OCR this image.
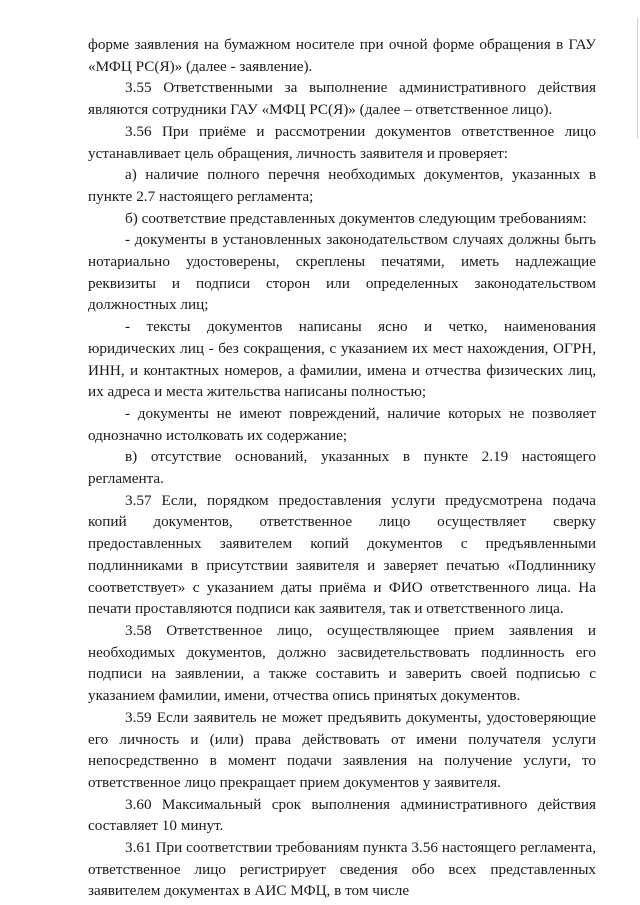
форме заявления на бумажном носителе при очной форме обращения в ГАУ «МФЦ РС(Я)» (далее - заявление).

3.55 Ответственными за выполнение административного действия являются сотрудники ГАУ «МФЦ РС(Я)» (далее – ответственное лицо).

3.56 При приёме и рассмотрении документов ответственное лицо устанавливает цель обращения, личность заявителя и проверяет:

а) наличие полного перечня необходимых документов, указанных в пункте 2.7 настоящего регламента;

б) соответствие представленных документов следующим требованиям:

- документы в установленных законодательством случаях должны быть нотариально удостоверены, скреплены печатями, иметь надлежащие реквизиты и подписи сторон или определенных законодательством должностных лиц;

- тексты документов написаны ясно и четко, наименования юридических лиц - без сокращения, с указанием их мест нахождения, ОГРН, ИНН, и контактных номеров, а фамилии, имена и отчества физических лиц, их адреса и места жительства написаны полностью;

- документы не имеют повреждений, наличие которых не позволяет однозначно истолковать их содержание;

в) отсутствие оснований, указанных в пункте 2.19 настоящего регламента.

3.57 Если, порядком предоставления услуги предусмотрена подача копий документов, ответственное лицо осуществляет сверку предоставленных заявителем копий документов с предъявленными подлинниками в присутствии заявителя и заверяет печатью «Подлиннику соответствует» с указанием даты приёма и ФИО ответственного лица. На печати проставляются подписи как заявителя, так и ответственного лица.

3.58 Ответственное лицо, осуществляющее прием заявления и необходимых документов, должно засвидетельствовать подлинность его подписи на заявлении, а также составить и заверить своей подписью с указанием фамилии, имени, отчества опись принятых документов.

3.59 Если заявитель не может предъявить документы, удостоверяющие его личность и (или) права действовать от имени получателя услуги непосредственно в момент подачи заявления на получение услуги, то ответственное лицо прекращает прием документов у заявителя.

3.60 Максимальный срок выполнения административного действия составляет 10 минут.

3.61 При соответствии требованиям пункта 3.56 настоящего регламента, ответственное лицо регистрирует сведения обо всех представленных заявителем документах в АИС МФЦ, в том числе
